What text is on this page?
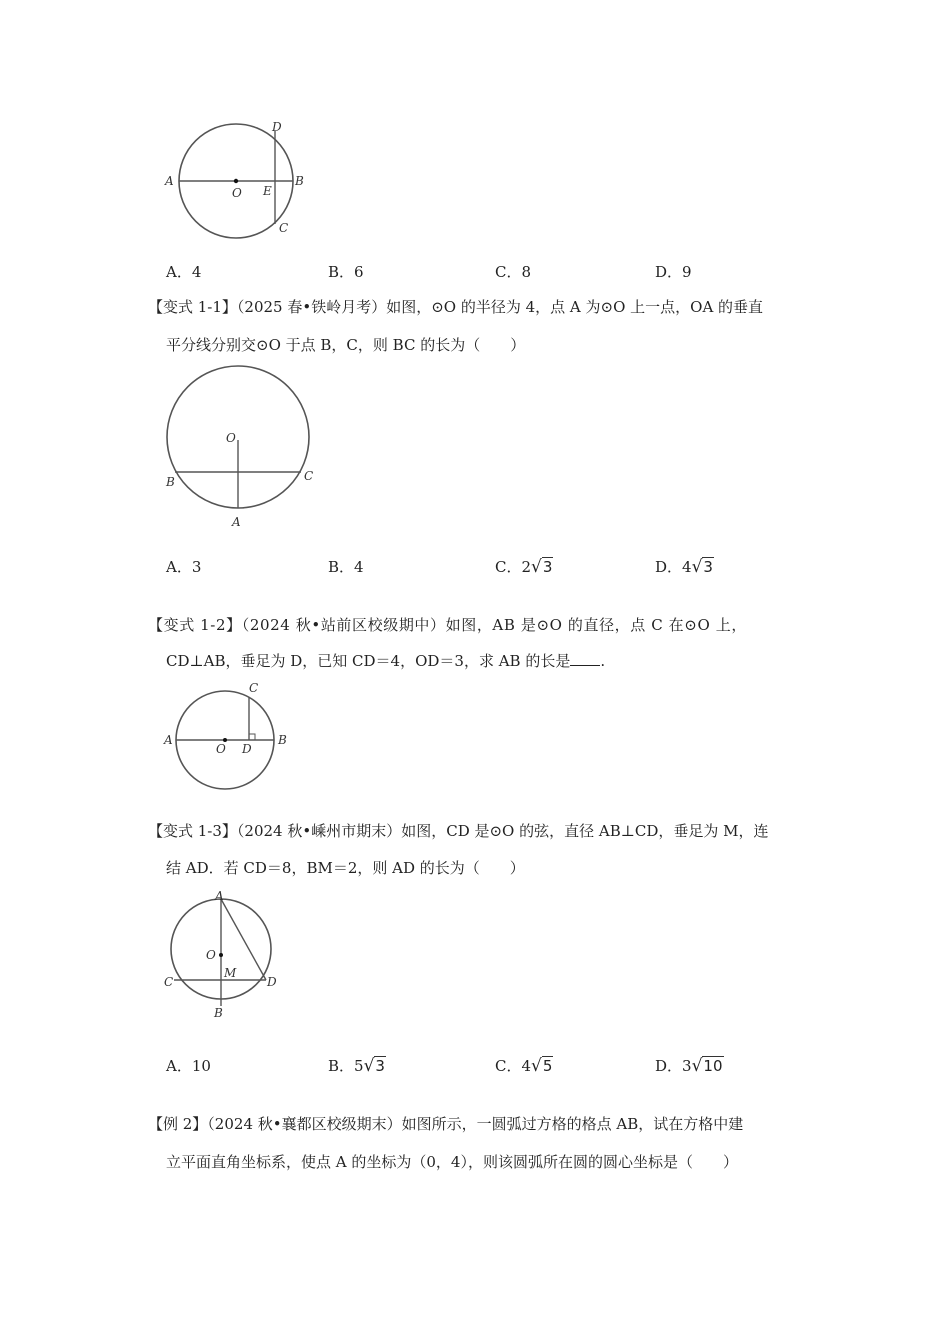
A
O E
B
D
C
A．4	B．6	C．8	D．9
【变式 1-1】（2025 春•铁岭月考）如图，⊙O 的半径为 4，点 A 为⊙O 上一点，OA 的垂直
平分线分别交⊙O 于点 B，C，则 BC 的长为（　　）
O
B	C
A
A．3	B．4	C．2√3	D．4√3
【变式 1-2】（2024 秋•站前区校级期中）如图，AB 是⊙O 的直径，点 C 在⊙O 上，
CD⊥AB，垂足为 D，已知 CD＝4，OD＝3，求 AB 的长是 .
A
O D
B
C
【变式 1-3】（2024 秋•嵊州市期末）如图，CD 是⊙O 的弦，直径 AB⊥CD，垂足为 M，连
结 AD．若 CD＝8，BM＝2，则 AD 的长为（　　）
A
O
M
C	D
B
A．10	B．5√3	C．4√5	D．3√10
【例 2】（2024 秋•襄都区校级期末）如图所示，一圆弧过方格的格点 AB，试在方格中建
立平面直角坐标系，使点 A 的坐标为（0，4），则该圆弧所在圆的圆心坐标是（　　）
